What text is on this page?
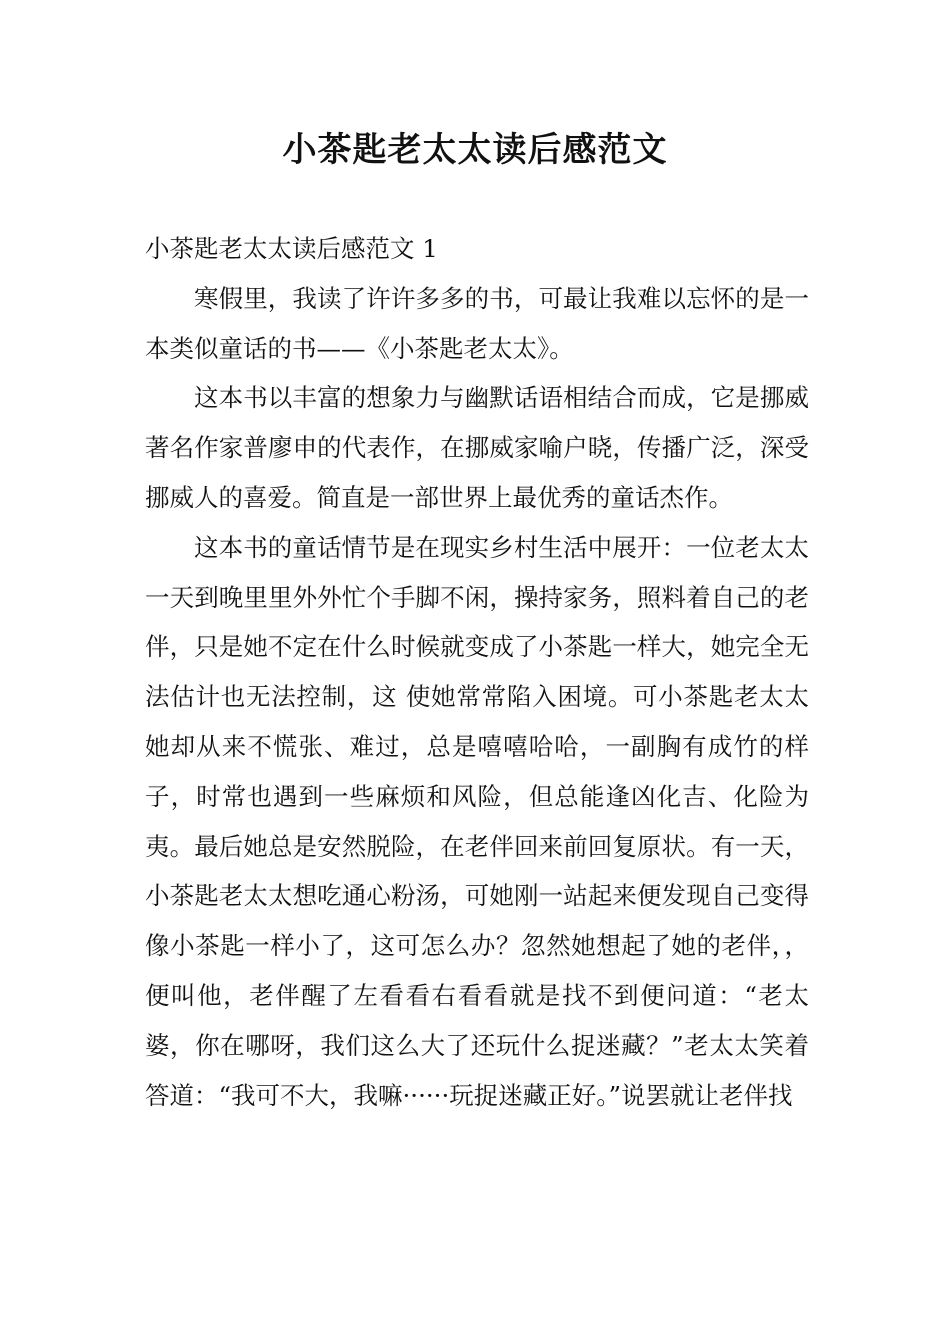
小茶匙老太太读后感范文

小茶匙老太太读后感范文 1

寒假里，我读了许许多多的书，可最让我难以忘怀的是一本类似童话的书——《小茶匙老太太》。

这本书以丰富的想象力与幽默话语相结合而成，它是挪威著名作家普廖申的代表作，在挪威家喻户晓，传播广泛，深受挪威人的喜爱。简直是一部世界上最优秀的童话杰作。

这本书的童话情节是在现实乡村生活中展开：一位老太太一天到晚里里外外忙个手脚不闲，操持家务，照料着自己的老伴，只是她不定在什么时候就变成了小茶匙一样大，她完全无法估计也无法控制，这 使她常常陷入困境。可小茶匙老太太她却从来不慌张、难过，总是嘻嘻哈哈，一副胸有成竹的样子，时常也遇到一些麻烦和风险，但总能逢凶化吉、化险为夷。最后她总是安然脱险，在老伴回来前回复原状。有一天，小茶匙老太太想吃通心粉汤，可她刚一站起来便发现自己变得像小茶匙一样小了，这可怎么办？忽然她想起了她的老伴，，便叫他，老伴醒了左看看右看看就是找不到便问道：“老太婆，你在哪呀，我们这么大了还玩什么捉迷藏？”老太太笑着答道：“我可不大，我嘛······玩捉迷藏正好。”说罢就让老伴找
